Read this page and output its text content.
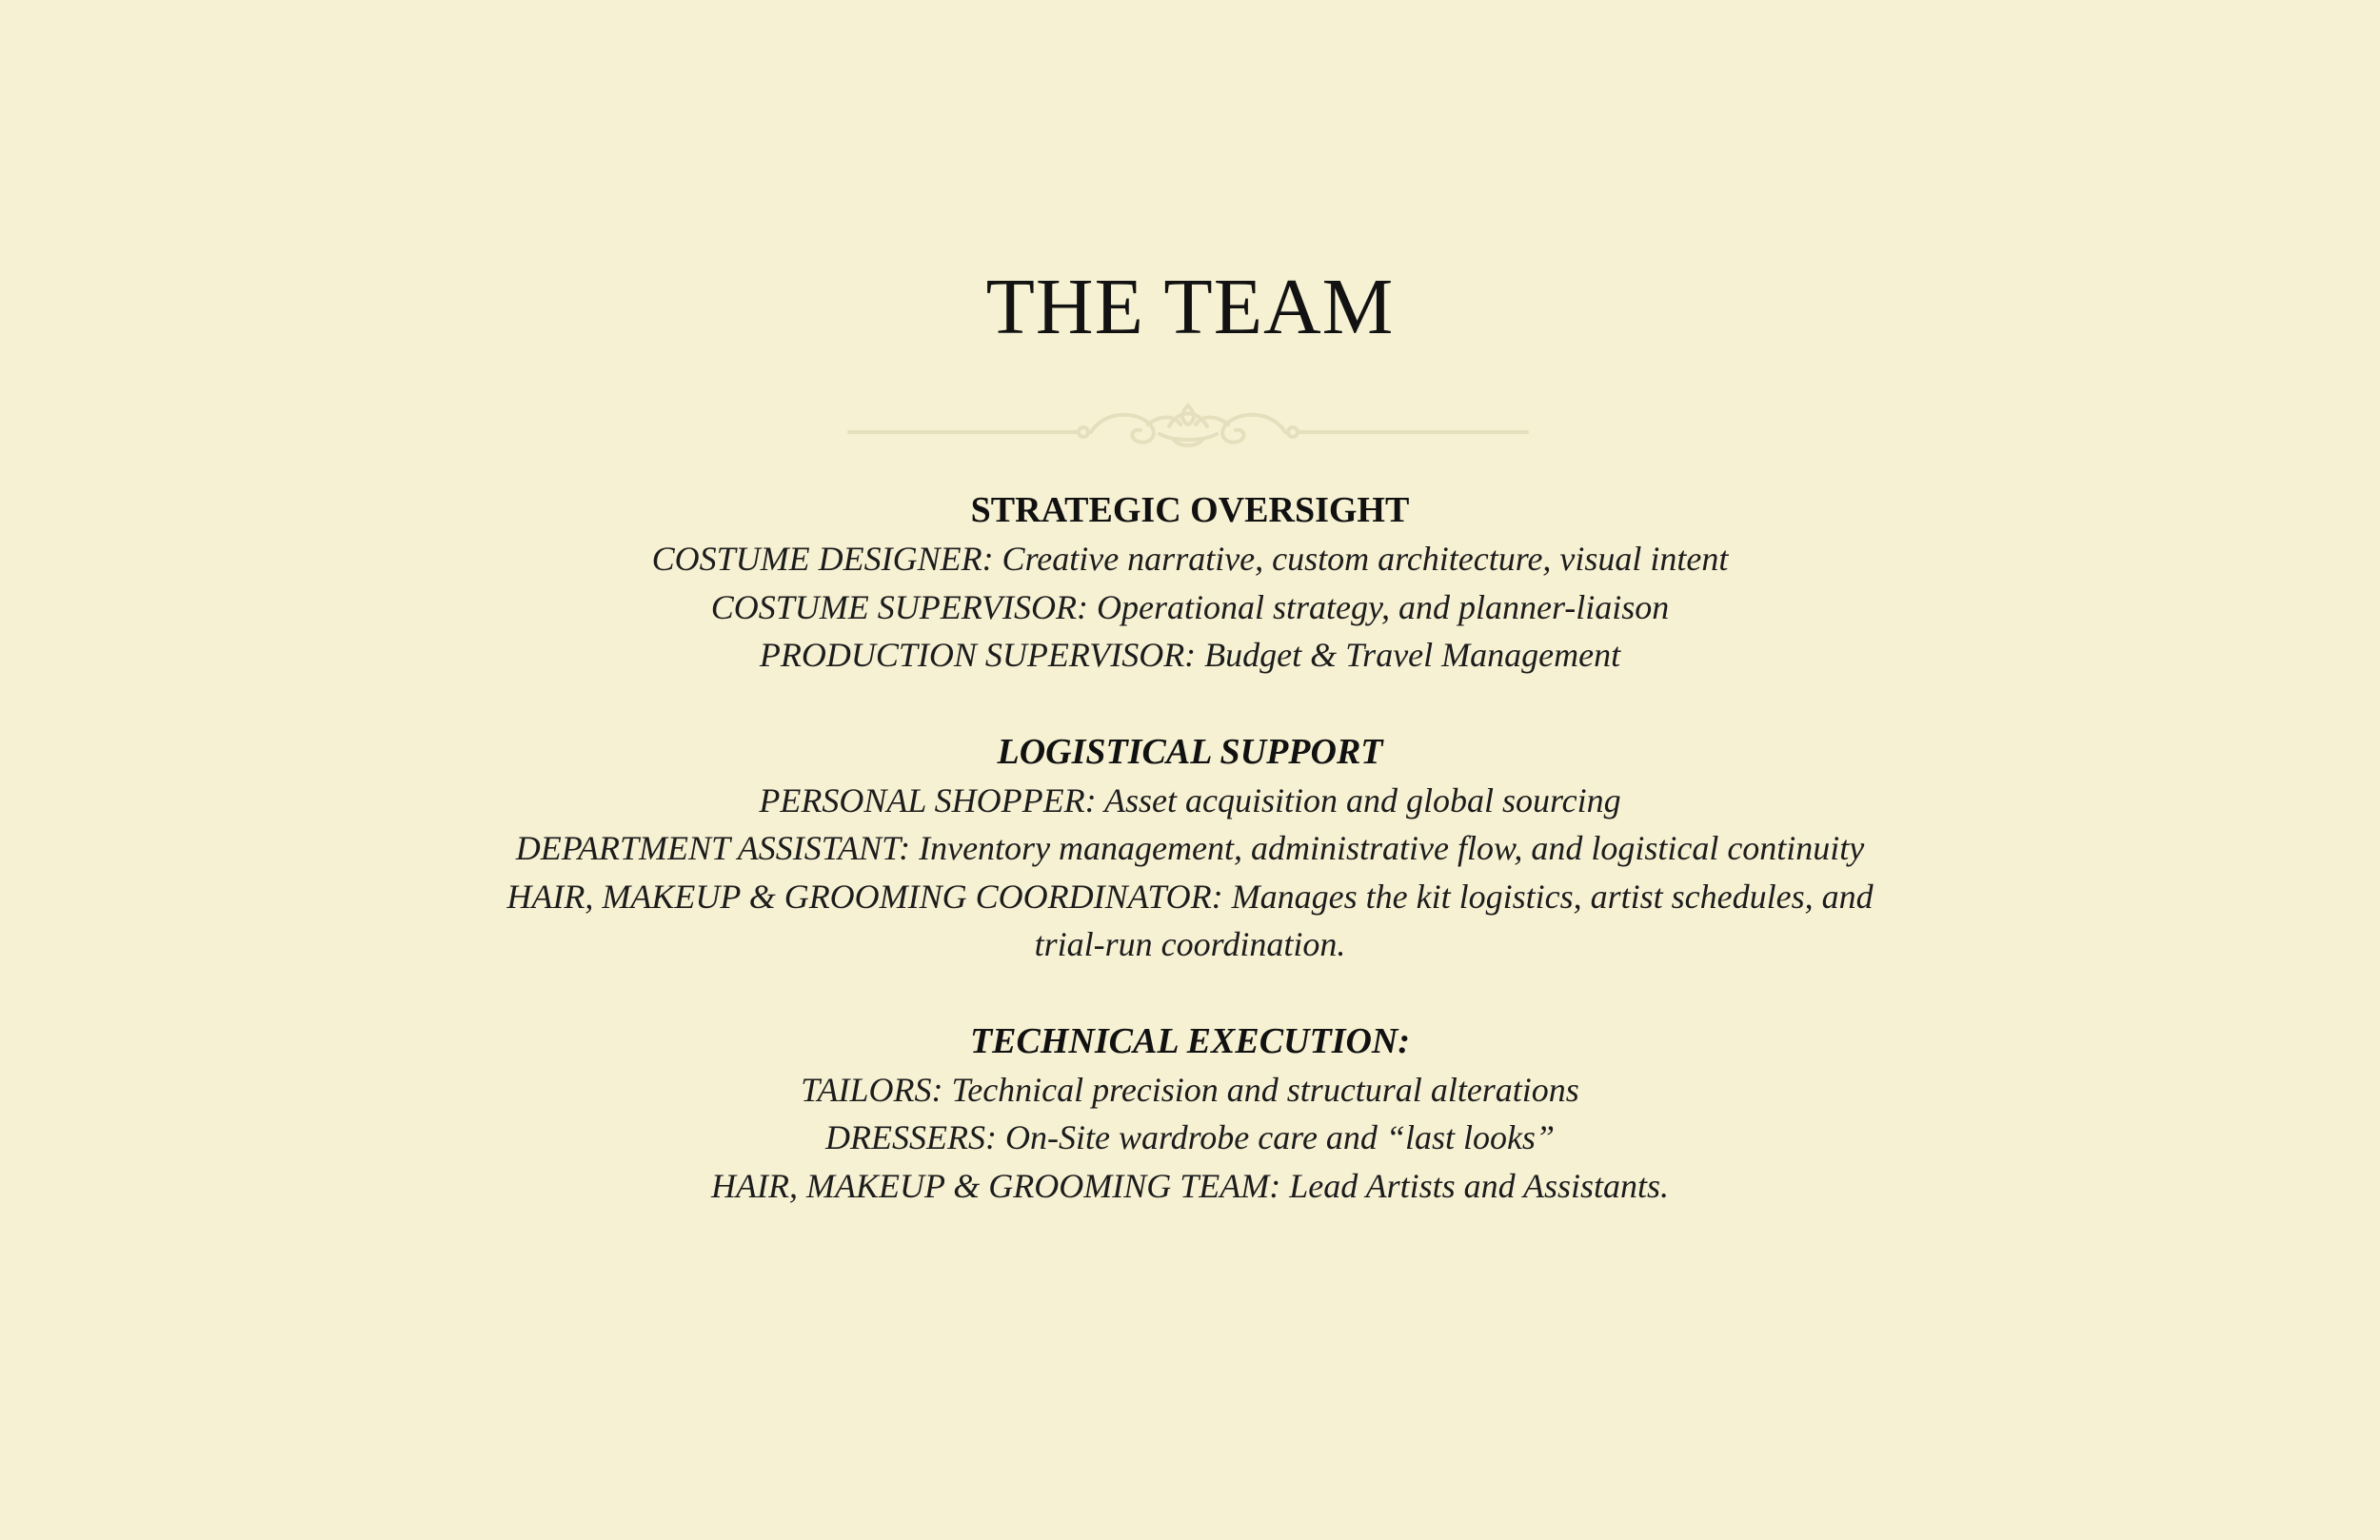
THE TEAM

STRATEGIC OVERSIGHT

COSTUME DESIGNER: Creative narrative, custom architecture, visual intent

COSTUME SUPERVISOR: Operational strategy, and planner-liaison

PRODUCTION SUPERVISOR: Budget & Travel Management

LOGISTICAL SUPPORT

PERSONAL SHOPPER: Asset acquisition and global sourcing

DEPARTMENT ASSISTANT: Inventory management, administrative flow, and logistical continuity

HAIR, MAKEUP & GROOMING COORDINATOR: Manages the kit logistics, artist schedules, and trial-run coordination.

TECHNICAL EXECUTION:

TAILORS: Technical precision and structural alterations

DRESSERS: On-Site wardrobe care and “last looks”

HAIR, MAKEUP & GROOMING TEAM: Lead Artists and Assistants.
